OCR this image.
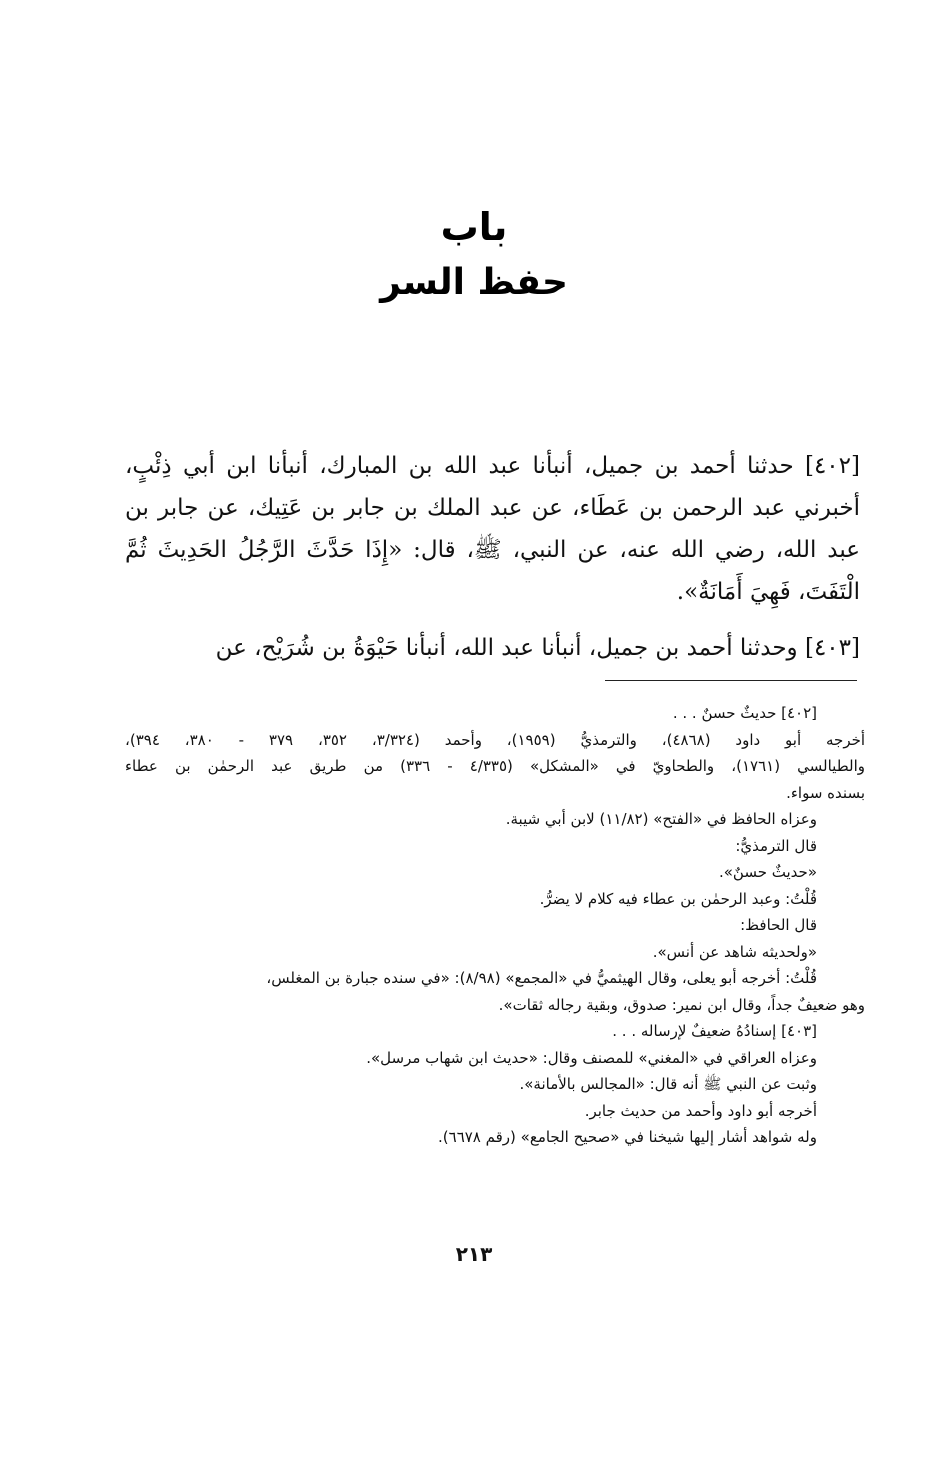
باب
حفظ السر

[٤٠٢] حدثنا أحمد بن جميل، أنبأنا عبد الله بن المبارك، أنبأنا ابن أبي ذِئْبٍ، أخبرني عبد الرحمن بن عَطَاء، عن عبد الملك بن جابر بن عَتِيك، عن جابر بن عبد الله، رضي الله عنه، عن النبي، ﷺ، قال: «إِذَا حَدَّثَ الرَّجُلُ الحَدِيثَ ثُمَّ الْتَفَتَ، فَهِيَ أَمَانَةٌ».

[٤٠٣] وحدثنا أحمد بن جميل، أنبأنا عبد الله، أنبأنا حَيْوَةُ بن شُرَيْح، عن

[٤٠٢] حديثٌ حسنٌ . . .

أخرجه أبو داود (٤٨٦٨)، والترمذيُّ (١٩٥٩)، وأحمد (٣/٣٢٤، ٣٥٢، ٣٧٩ - ٣٨٠، ٣٩٤)،

والطيالسي (١٧٦١)، والطحاويّ في «المشكل» (٤/٣٣٥ - ٣٣٦) من طريق عبد الرحمٰن بن عطاء

بسنده سواء.

وعزاه الحافظ في «الفتح» (١١/٨٢) لابن أبي شيبة.

قال الترمذيُّ:

«حديثٌ حسنٌ».

قُلْتُ: وعبد الرحمٰن بن عطاء فيه كلام لا يضرُّ.

قال الحافظ:

«ولحديثه شاهد عن أنس».

قُلْتُ: أخرجه أبو يعلى، وقال الهيثميُّ في «المجمع» (٨/٩٨): «في سنده جبارة بن المغلس،

وهو ضعيفٌ جداً، وقال ابن نمير: صدوق، وبقية رجاله ثقات».

[٤٠٣] إسنادُهُ ضعيفٌ لإرساله . . .

وعزاه العراقي في «المغني» للمصنف وقال: «حديث ابن شهاب مرسل».

وثبت عن النبي ﷺ أنه قال: «المجالس بالأمانة».

أخرجه أبو داود وأحمد من حديث جابر.

وله شواهد أشار إليها شيخنا في «صحيح الجامع» (رقم ٦٦٧٨).

٢١٣
